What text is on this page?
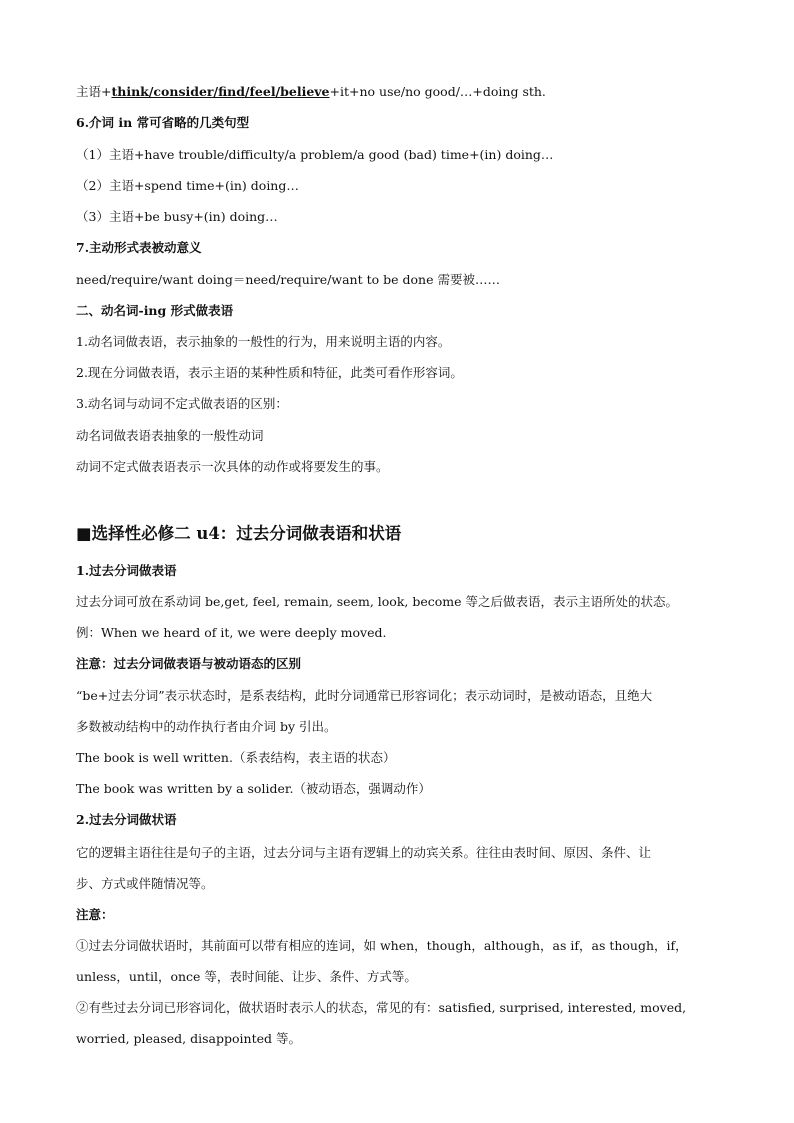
主语+think/consider/find/feel/believe+it+no use/no good/…+doing sth.
6.介词 in 常可省略的几类句型
（1）主语+have trouble/difficulty/a problem/a good (bad) time+(in) doing…
（2）主语+spend time+(in) doing…
（3）主语+be busy+(in) doing…
7.主动形式表被动意义
need/require/want doing＝need/require/want to be done 需要被……
二、动名词-ing 形式做表语
1.动名词做表语，表示抽象的一般性的行为，用来说明主语的内容。
2.现在分词做表语，表示主语的某种性质和特征，此类可看作形容词。
3.动名词与动词不定式做表语的区别：
动名词做表语表抽象的一般性动词
动词不定式做表语表示一次具体的动作或将要发生的事。
■选择性必修二 u4：过去分词做表语和状语
1.过去分词做表语
过去分词可放在系动词 be,get, feel, remain, seem, look, become 等之后做表语，表示主语所处的状态。
例：When we heard of it, we were deeply moved.
注意：过去分词做表语与被动语态的区别
“be+过去分词”表示状态时，是系表结构，此时分词通常已形容词化；表示动词时，是被动语态，且绝大
多数被动结构中的动作执行者由介词 by 引出。
The book is well written.（系表结构，表主语的状态）
The book was written by a solider.（被动语态，强调动作）
2.过去分词做状语
它的逻辑主语往往是句子的主语，过去分词与主语有逻辑上的动宾关系。往往由表时间、原因、条件、让
步、方式或伴随情况等。
注意：
①过去分词做状语时，其前面可以带有相应的连词，如 when，though，although，as if，as though，if，
unless，until，once 等，表时间能、让步、条件、方式等。
②有些过去分词已形容词化，做状语时表示人的状态，常见的有：satisfied, surprised, interested, moved,
worried, pleased, disappointed 等。
